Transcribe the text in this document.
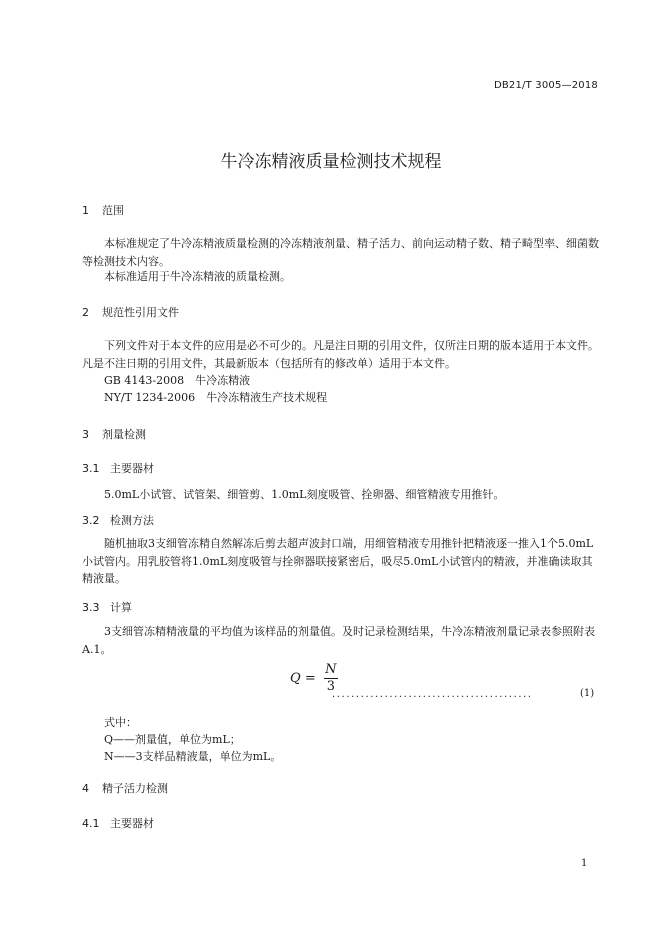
DB21/T 3005—2018
牛冷冻精液质量检测技术规程
1 范围
本标准规定了牛冷冻精液质量检测的冷冻精液剂量、精子活力、前向运动精子数、精子畸型率、细菌数等检测技术内容。
本标准适用于牛冷冻精液的质量检测。
2 规范性引用文件
下列文件对于本文件的应用是必不可少的。凡是注日期的引用文件，仅所注日期的版本适用于本文件。凡是不注日期的引用文件，其最新版本（包括所有的修改单）适用于本文件。
GB 4143-2008　牛冷冻精液
NY/T 1234-2006　牛冷冻精液生产技术规程
3 剂量检测
3.1 主要器材
5.0mL小试管、试管架、细管剪、1.0mL刻度吸管、拴卵器、细管精液专用推针。
3.2 检测方法
随机抽取3支细管冻精自然解冻后剪去超声波封口端，用细管精液专用推针把精液逐一推入1个5.0mL小试管内。用乳胶管将1.0mL刻度吸管与拴卵器联接紧密后，吸尽5.0mL小试管内的精液，并准确读取其精液量。
3.3 计算
3支细管冻精精液量的平均值为该样品的剂量值。及时记录检测结果，牛冷冻精液剂量记录表参照附表A.1。
$Q = \frac{N}{3}$
..........................................	(1)
式中：
Q——剂量值，单位为mL；
N——3支样品精液量，单位为mL。
4 精子活力检测
4.1 主要器材
1
